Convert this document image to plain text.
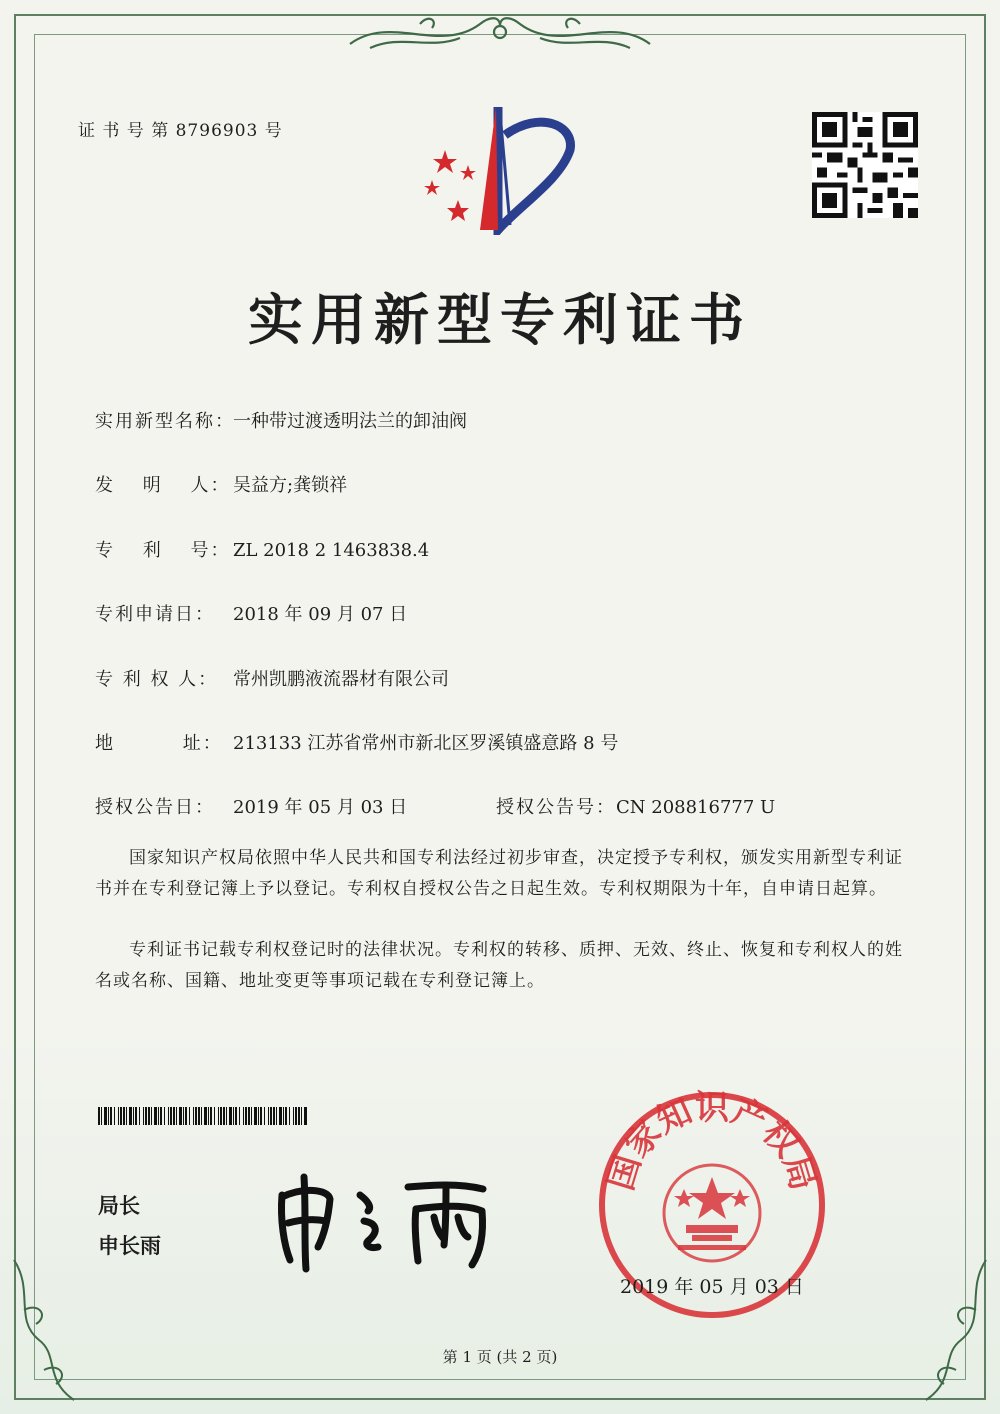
证 书 号 第 8796903 号
实用新型专利证书
实用新型名称：一种带过渡透明法兰的卸油阀
发　 明　 人： 吴益方;龚锁祥
专　 利　 号： ZL 2018 2 1463838.4
专利申请日： 2018 年 09 月 07 日
专 利 权 人： 常州凯鹏液流器材有限公司
地　　　 址： 213133 江苏省常州市新北区罗溪镇盛意路 8 号
授权公告日： 2019 年 05 月 03 日	授权公告号：CN 208816777 U
国家知识产权局依照中华人民共和国专利法经过初步审查，决定授予专利权，颁发实用新型专利证书并在专利登记簿上予以登记。专利权自授权公告之日起生效。专利权期限为十年，自申请日起算。
专利证书记载专利权登记时的法律状况。专利权的转移、质押、无效、终止、恢复和专利权人的姓名或名称、国籍、地址变更等事项记载在专利登记簿上。
局长
申长雨
国家知识产权局
2019 年 05 月 03 日
第 1 页 (共 2 页)
